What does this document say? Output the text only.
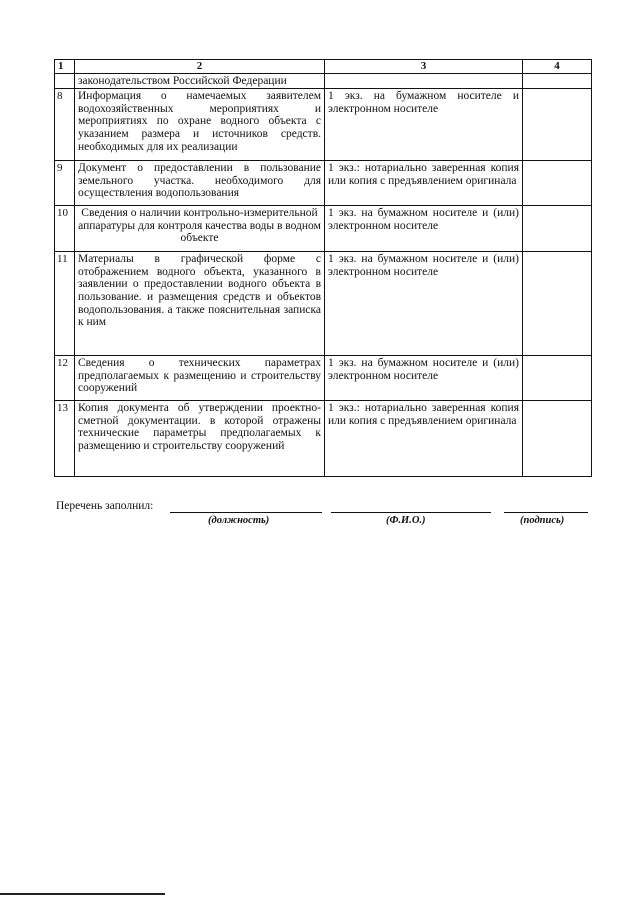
1	2	3	4
	законодательством Российской Федерации		
8	Информация о намечаемых заявителем водохозяйственных мероприятиях и мероприятиях по охране водного объекта с указанием размера и источников средств. необходимых для их реализации	1 экз. на бумажном носителе и электронном носителе	
9	Документ о предоставлении в пользование земельного участка. необходимого для осуществления водопользования	1 экз.: нотариально заверенная копия или копия с предъявлением оригинала	
10	Сведения о наличии контрольно-измерительной аппаратуры для контроля качества воды в водном объекте	1 экз. на бумажном носителе и (или) электронном носителе	
11	Материалы в графической форме с отображением водного объекта, указанного в заявлении о предоставлении водного объекта в пользование. и размещения средств и объектов водопользования. а также пояснительная записка к ним	1 экз. на бумажном носителе и (или) электронном носителе	
12	Сведения о технических параметрах предполагаемых к размещению и строительству сооружений	1 экз. на бумажном носителе и (или) электронном носителе	
13	Копия документа об утверждении проектно-сметной документации. в которой отражены технические параметры предполагаемых к размещению и строительству сооружений	1 экз.: нотариально заверенная копия или копия с предъявлением оригинала	
Перечень заполнил:
(должность)	(Ф.И.О.)	(подпись)
